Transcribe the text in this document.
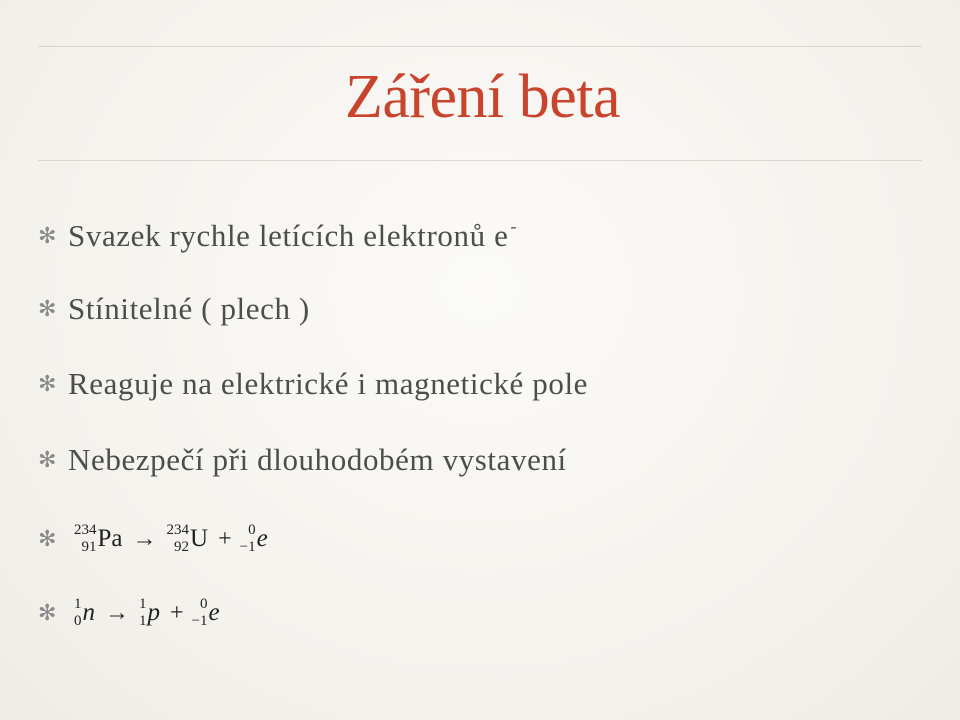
Záření beta
✻ Svazek rychle letících elektronů e -
✻ Stínitelné ( plech )
✻ Reaguje na elektrické i magnetické pole
✻ Nebezpečí při dlouhodobém vystavení
✻ 234
91 Pa → 234
92 U + 0
−1 e
✻ 1
0 n → 1
1 p + 0
−1 e
